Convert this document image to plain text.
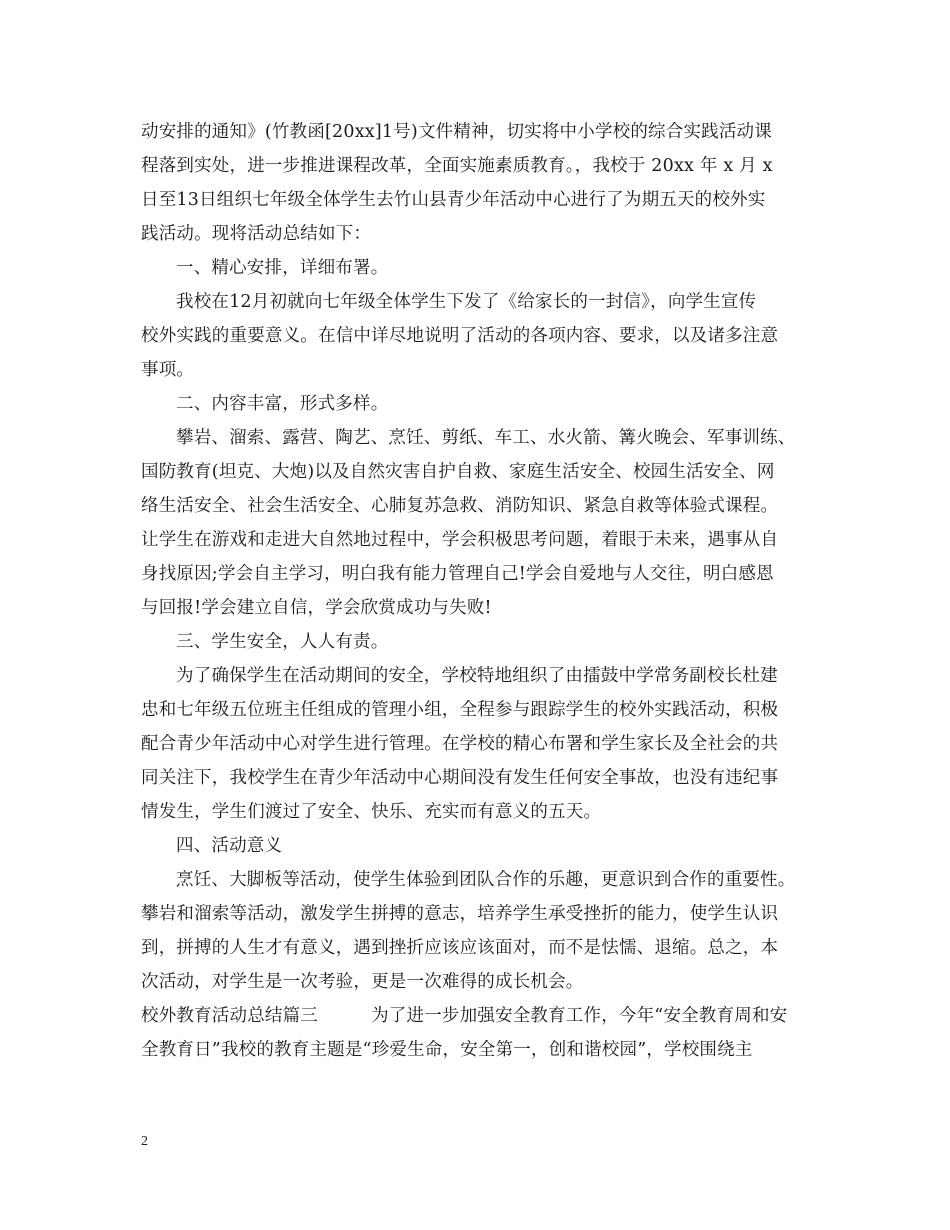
动安排的通知》(竹教函[20xx]1号)文件精神，切实将中小学校的综合实践活动课
程落到实处，进一步推进课程改革，全面实施素质教育。，我校于 20xx 年 x 月 x
日至13日组织七年级全体学生去竹山县青少年活动中心进行了为期五天的校外实
践活动。现将活动总结如下：
一、精心安排，详细布署。
我校在12月初就向七年级全体学生下发了《给家长的一封信》，向学生宣传
校外实践的重要意义。在信中详尽地说明了活动的各项内容、要求，以及诸多注意
事项。
二、内容丰富，形式多样。
攀岩、溜索、露营、陶艺、烹饪、剪纸、车工、水火箭、篝火晚会、军事训练、
国防教育(坦克、大炮)以及自然灾害自护自救、家庭生活安全、校园生活安全、网
络生活安全、社会生活安全、心肺复苏急救、消防知识、紧急自救等体验式课程。
让学生在游戏和走进大自然地过程中，学会积极思考问题，着眼于未来，遇事从自
身找原因;学会自主学习，明白我有能力管理自己!学会自爱地与人交往，明白感恩
与回报!学会建立自信，学会欣赏成功与失败!
三、学生安全，人人有责。
为了确保学生在活动期间的安全，学校特地组织了由擂鼓中学常务副校长杜建
忠和七年级五位班主任组成的管理小组，全程参与跟踪学生的校外实践活动，积极
配合青少年活动中心对学生进行管理。在学校的精心布署和学生家长及全社会的共
同关注下，我校学生在青少年活动中心期间没有发生任何安全事故，也没有违纪事
情发生，学生们渡过了安全、快乐、充实而有意义的五天。
四、活动意义
烹饪、大脚板等活动，使学生体验到团队合作的乐趣，更意识到合作的重要性。
攀岩和溜索等活动，激发学生拼搏的意志，培养学生承受挫折的能力，使学生认识
到，拼搏的人生才有意义，遇到挫折应该应该面对，而不是怯懦、退缩。总之，本
次活动，对学生是一次考验，更是一次难得的成长机会。
校外教育活动总结篇三　　　为了进一步加强安全教育工作，今年“安全教育周和安
全教育日”我校的教育主题是“珍爱生命，安全第一，创和谐校园”，学校围绕主
2
